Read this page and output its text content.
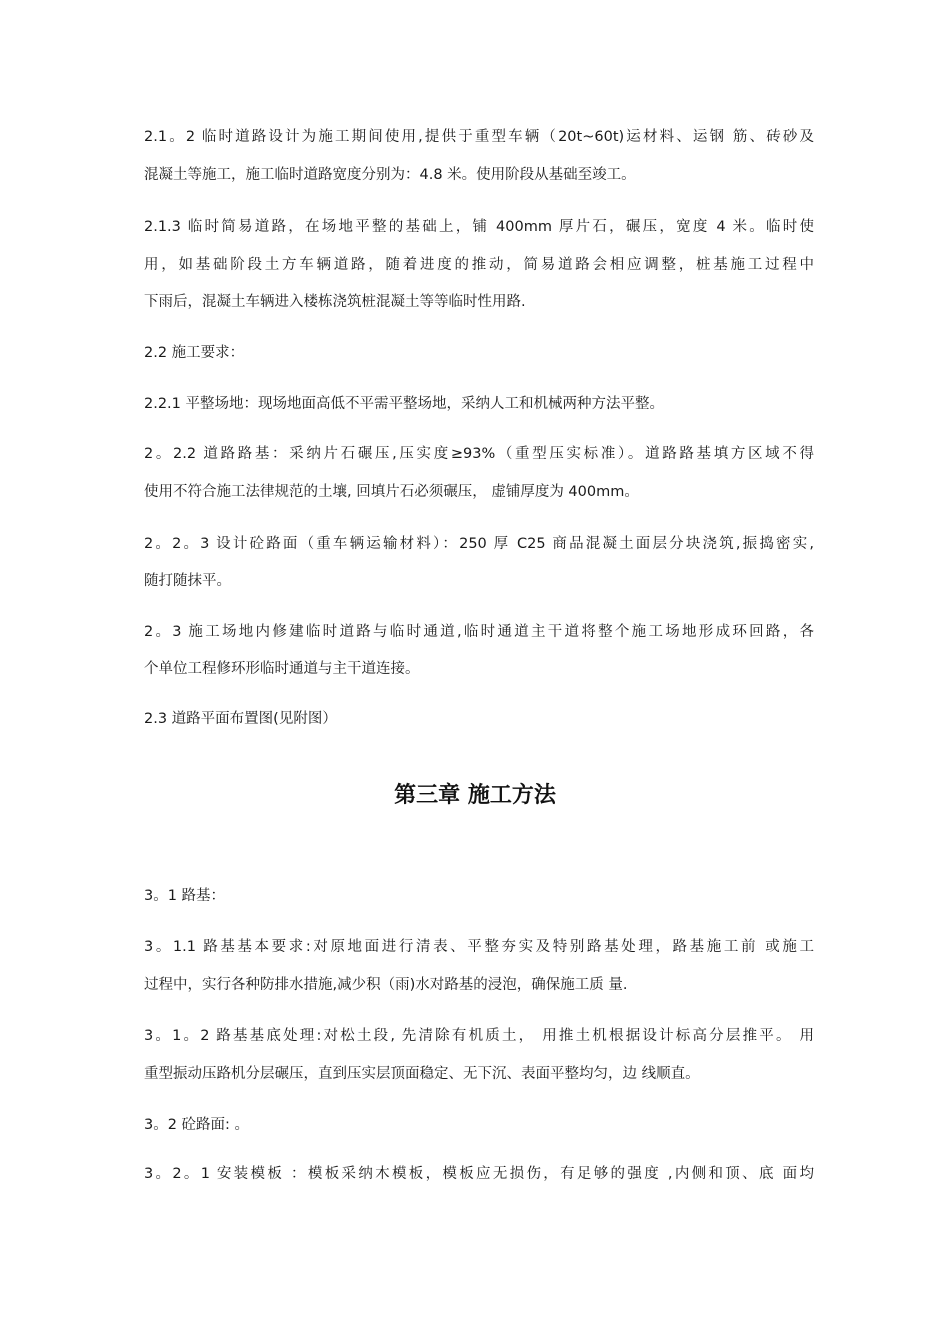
2.1。2 临时道路设计为施工期间使用,提供于重型车辆（20t~60t)运材料、运钢 筋、砖砂及
混凝土等施工，施工临时道路宽度分别为：4.8 米。使用阶段从基础至竣工。
2.1.3 临时简易道路，在场地平整的基础上，铺 400mm 厚片石，碾压，宽度 4 米。临时使
用，如基础阶段土方车辆道路，随着进度的推动，简易道路会相应调整，桩基施工过程中
下雨后，混凝土车辆进入楼栋浇筑桩混凝土等等临时性用路.
2.2 施工要求：
2.2.1 平整场地：现场地面高低不平需平整场地，采纳人工和机械两种方法平整。
2。2.2 道路路基：采纳片石碾压,压实度≥93%（重型压实标准）。道路路基填方区域不得
使用不符合施工法律规范的土壤, 回填片石必须碾压， 虚铺厚度为 400mm。
2。2。3 设计砼路面（重车辆运输材料）：250 厚 C25 商品混凝土面层分块浇筑,振捣密实,
随打随抹平。
2。3 施工场地内修建临时道路与临时通道,临时通道主干道将整个施工场地形成环回路，各
个单位工程修环形临时通道与主干道连接。
2.3 道路平面布置图(见附图）
第三章 施工方法
3。1 路基：
3。1.1 路基基本要求:对原地面进行清表、平整夯实及特别路基处理，路基施工前 或施工
过程中，实行各种防排水措施,减少积（雨)水对路基的浸泡，确保施工质 量.
3。1。2 路基基底处理:对松土段, 先清除有机质土， 用推土机根据设计标高分层推平。 用
重型振动压路机分层碾压，直到压实层顶面稳定、无下沉、表面平整均匀，边 线顺直。
3。2 砼路面: 。
3。2。1 安装模板 ：模板采纳木模板，模板应无损伤，有足够的强度 ,内侧和顶、底 面均
